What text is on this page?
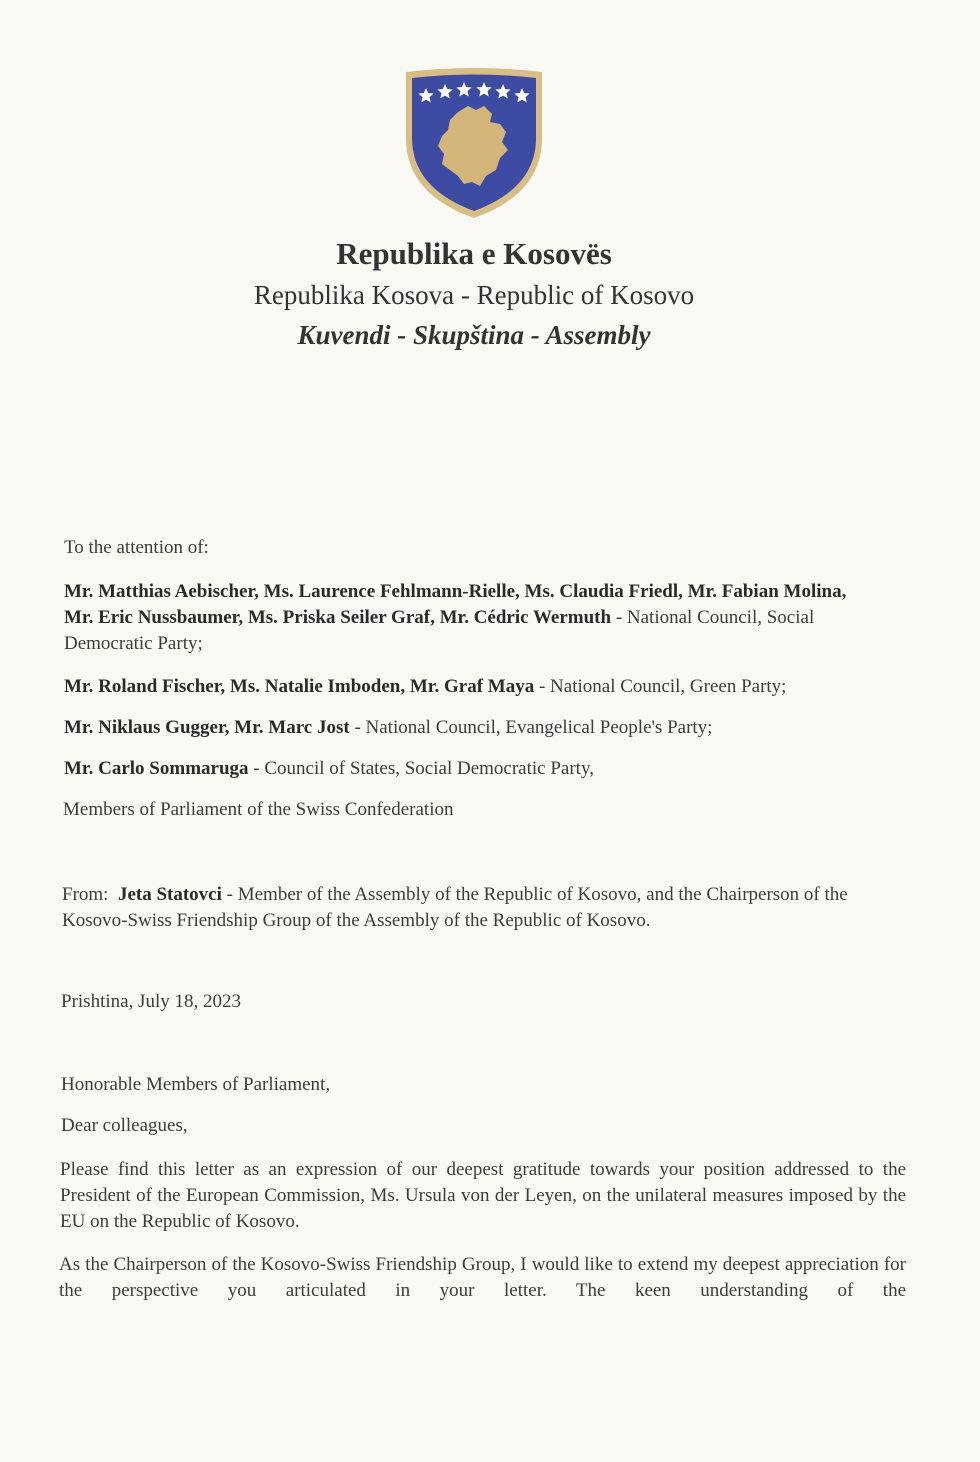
Republika e Kosovës
Republika Kosova - Republic of Kosovo
Kuvendi - Skupština - Assembly
To the attention of:
Mr. Matthias Aebischer, Ms. Laurence Fehlmann-Rielle, Ms. Claudia Friedl, Mr. Fabian Molina, Mr. Eric Nussbaumer, Ms. Priska Seiler Graf, Mr. Cédric Wermuth - National Council, Social Democratic Party;
Mr. Roland Fischer, Ms. Natalie Imboden, Mr. Graf Maya - National Council, Green Party;
Mr. Niklaus Gugger, Mr. Marc Jost - National Council, Evangelical People's Party;
Mr. Carlo Sommaruga - Council of States, Social Democratic Party,
Members of Parliament of the Swiss Confederation
From: Jeta Statovci - Member of the Assembly of the Republic of Kosovo, and the Chairperson of the Kosovo-Swiss Friendship Group of the Assembly of the Republic of Kosovo.
Prishtina, July 18, 2023
Honorable Members of Parliament,
Dear colleagues,
Please find this letter as an expression of our deepest gratitude towards your position addressed to the President of the European Commission, Ms. Ursula von der Leyen, on the unilateral measures imposed by the EU on the Republic of Kosovo.
As the Chairperson of the Kosovo-Swiss Friendship Group, I would like to extend my deepest appreciation for the perspective you articulated in your letter. The keen understanding of the
